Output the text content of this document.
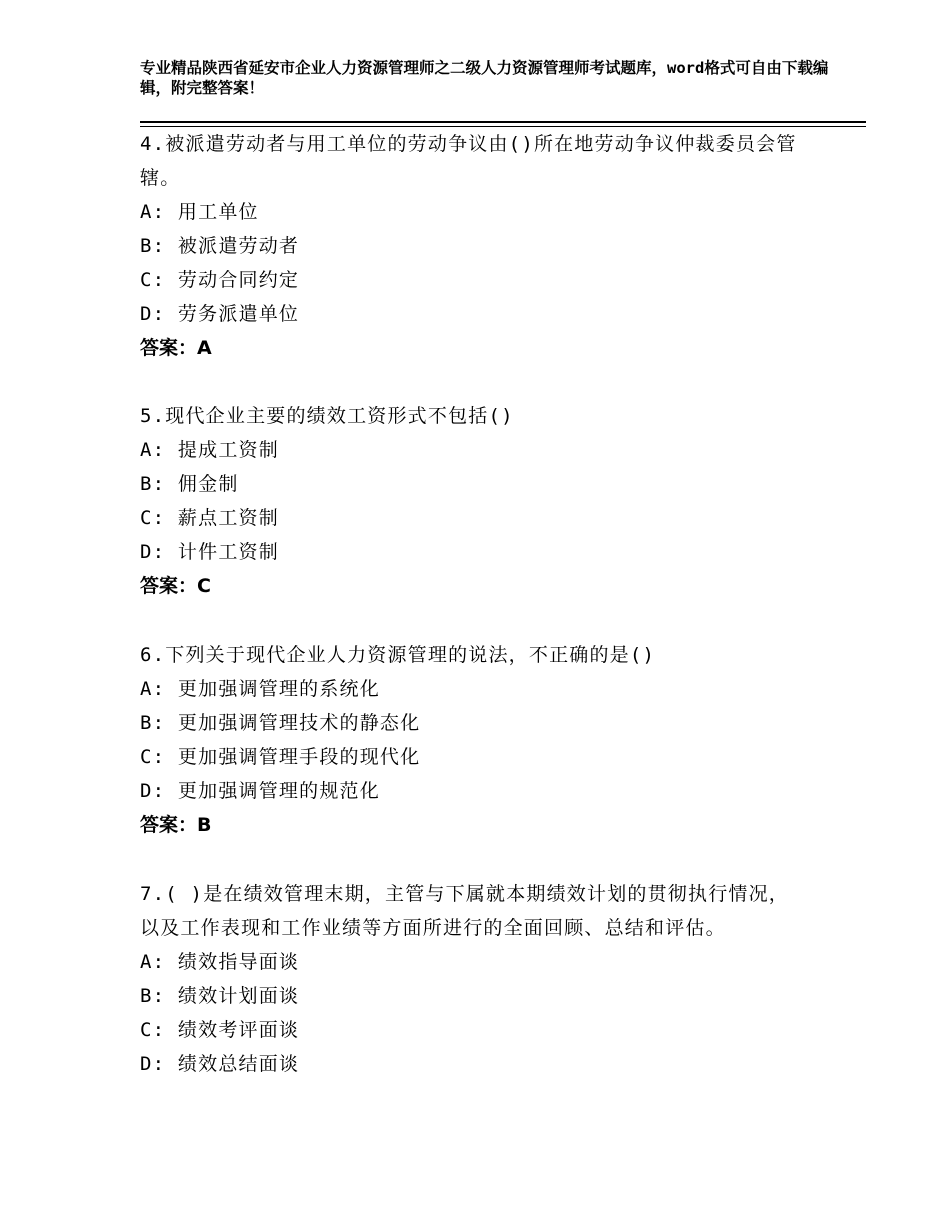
专业精品陕西省延安市企业人力资源管理师之二级人力资源管理师考试题库，word格式可自由下载编辑，附完整答案！

4.被派遣劳动者与用工单位的劳动争议由()所在地劳动争议仲裁委员会管辖。

A: 用工单位

B: 被派遣劳动者

C: 劳动合同约定

D: 劳务派遣单位

答案：A

5.现代企业主要的绩效工资形式不包括()

A: 提成工资制

B: 佣金制

C: 薪点工资制

D: 计件工资制

答案：C

6.下列关于现代企业人力资源管理的说法，不正确的是()

A: 更加强调管理的系统化

B: 更加强调管理技术的静态化

C: 更加强调管理手段的现代化

D: 更加强调管理的规范化

答案：B

7.( )是在绩效管理末期，主管与下属就本期绩效计划的贯彻执行情况，以及工作表现和工作业绩等方面所进行的全面回顾、总结和评估。

A: 绩效指导面谈

B: 绩效计划面谈

C: 绩效考评面谈

D: 绩效总结面谈
